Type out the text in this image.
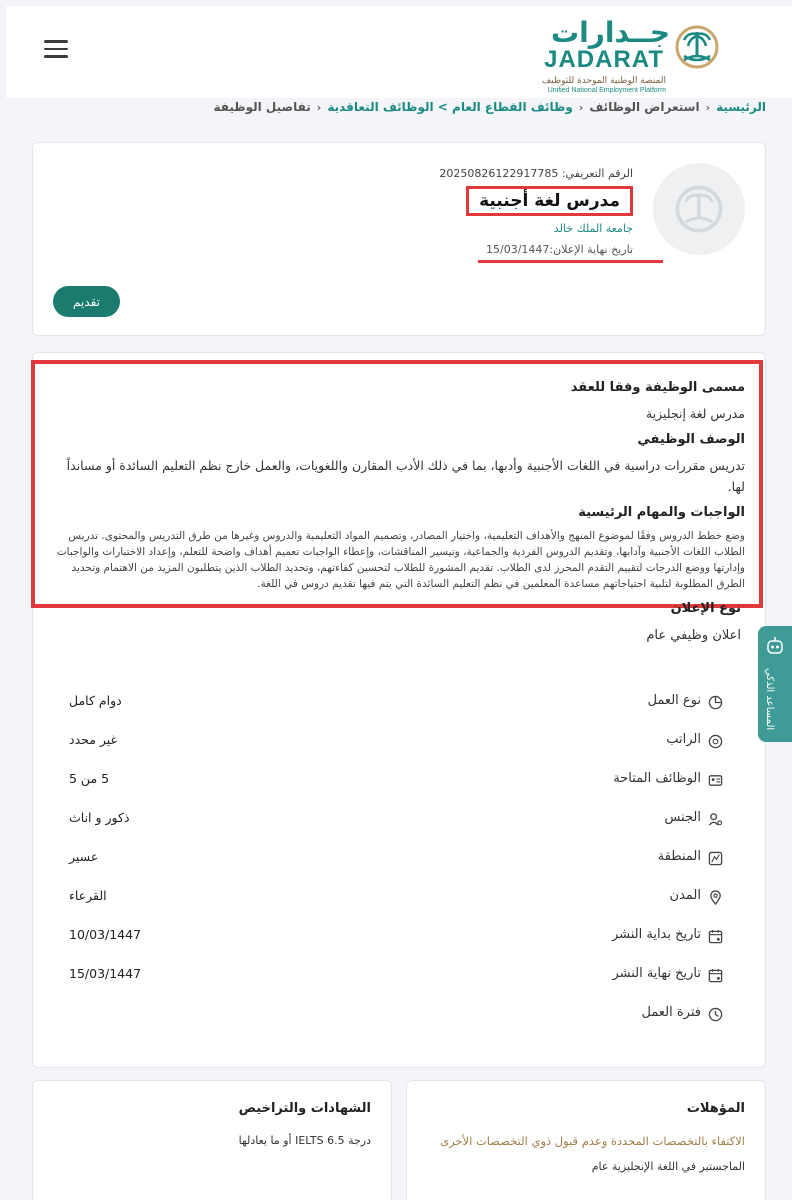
جــدارات
JADARAT
المنصة الوطنية الموحدة للتوظيف
Unified National Employment Platform
الرئيسية
‹
استعراض الوظائف
‹
وظائف القطاع العام > الوظائف التعاقدية
‹
تفاصيل الوظيفة
الرقم التعريفي: 20250826122917785
مدرس لغة أجنبية
جامعة الملك خالد
تاريخ نهاية الإعلان:15/03/1447
تقديم
مسمى الوظيفة وفقا للعقد
مدرس لغة إنجليزية
الوصف الوظيفي
تدريس مقررات دراسية في اللغات الأجنبية وأدبها، بما في ذلك الأدب المقارن واللغويات، والعمل خارج نظم التعليم السائدة أو مسانداً لها.
الواجبات والمهام الرئيسية
وضع خطط الدروس وفقًا لموضوع المنهج والأهداف التعليمية، واختيار المصادر، وتصميم المواد التعليمية والدروس وغيرها من طرق التدريس والمحتوى. تدريس الطلاب اللغات الأجنبية وآدابها، وتقديم الدروس الفردية والجماعية، وتيسير المناقشات، وإعطاء الواجبات تعميم أهداف واضحة للتعلم، وإعداد الاختبارات والواجبات وإدارتها ووضع الدرجات لتقييم التقدم المحرز لدى الطلاب. تقديم المشورة للطلاب لتحسين كفاءتهم، وتحديد الطلاب الذين يتطلبون المزيد من الاهتمام وتحديد الطرق المطلوبة لتلبية احتياجاتهم مساعدة المعلمين في نظم التعليم السائدة التي يتم فيها تقديم دروس في اللغة.
نوع الإعلان
اعلان وظيفي عام
نوع العمل
دوام كامل
الراتب
غير محدد
الوظائف المتاحة
5 من 5
الجنس
ذكور و اناث
المنطقة
عسير
المدن
القرعاء
تاريخ بداية النشر
10/03/1447
تاريخ نهاية النشر
15/03/1447
فترة العمل
المساعد الذكي
المؤهلات
الاكتفاء بالتخصصات المحددة وعدم قبول ذوي التخصصات الأخرى
الماجستير في اللغة الإنجليزية عام
الشهادات والتراخيص
درجة IELTS 6.5 أو ما يعادلها
